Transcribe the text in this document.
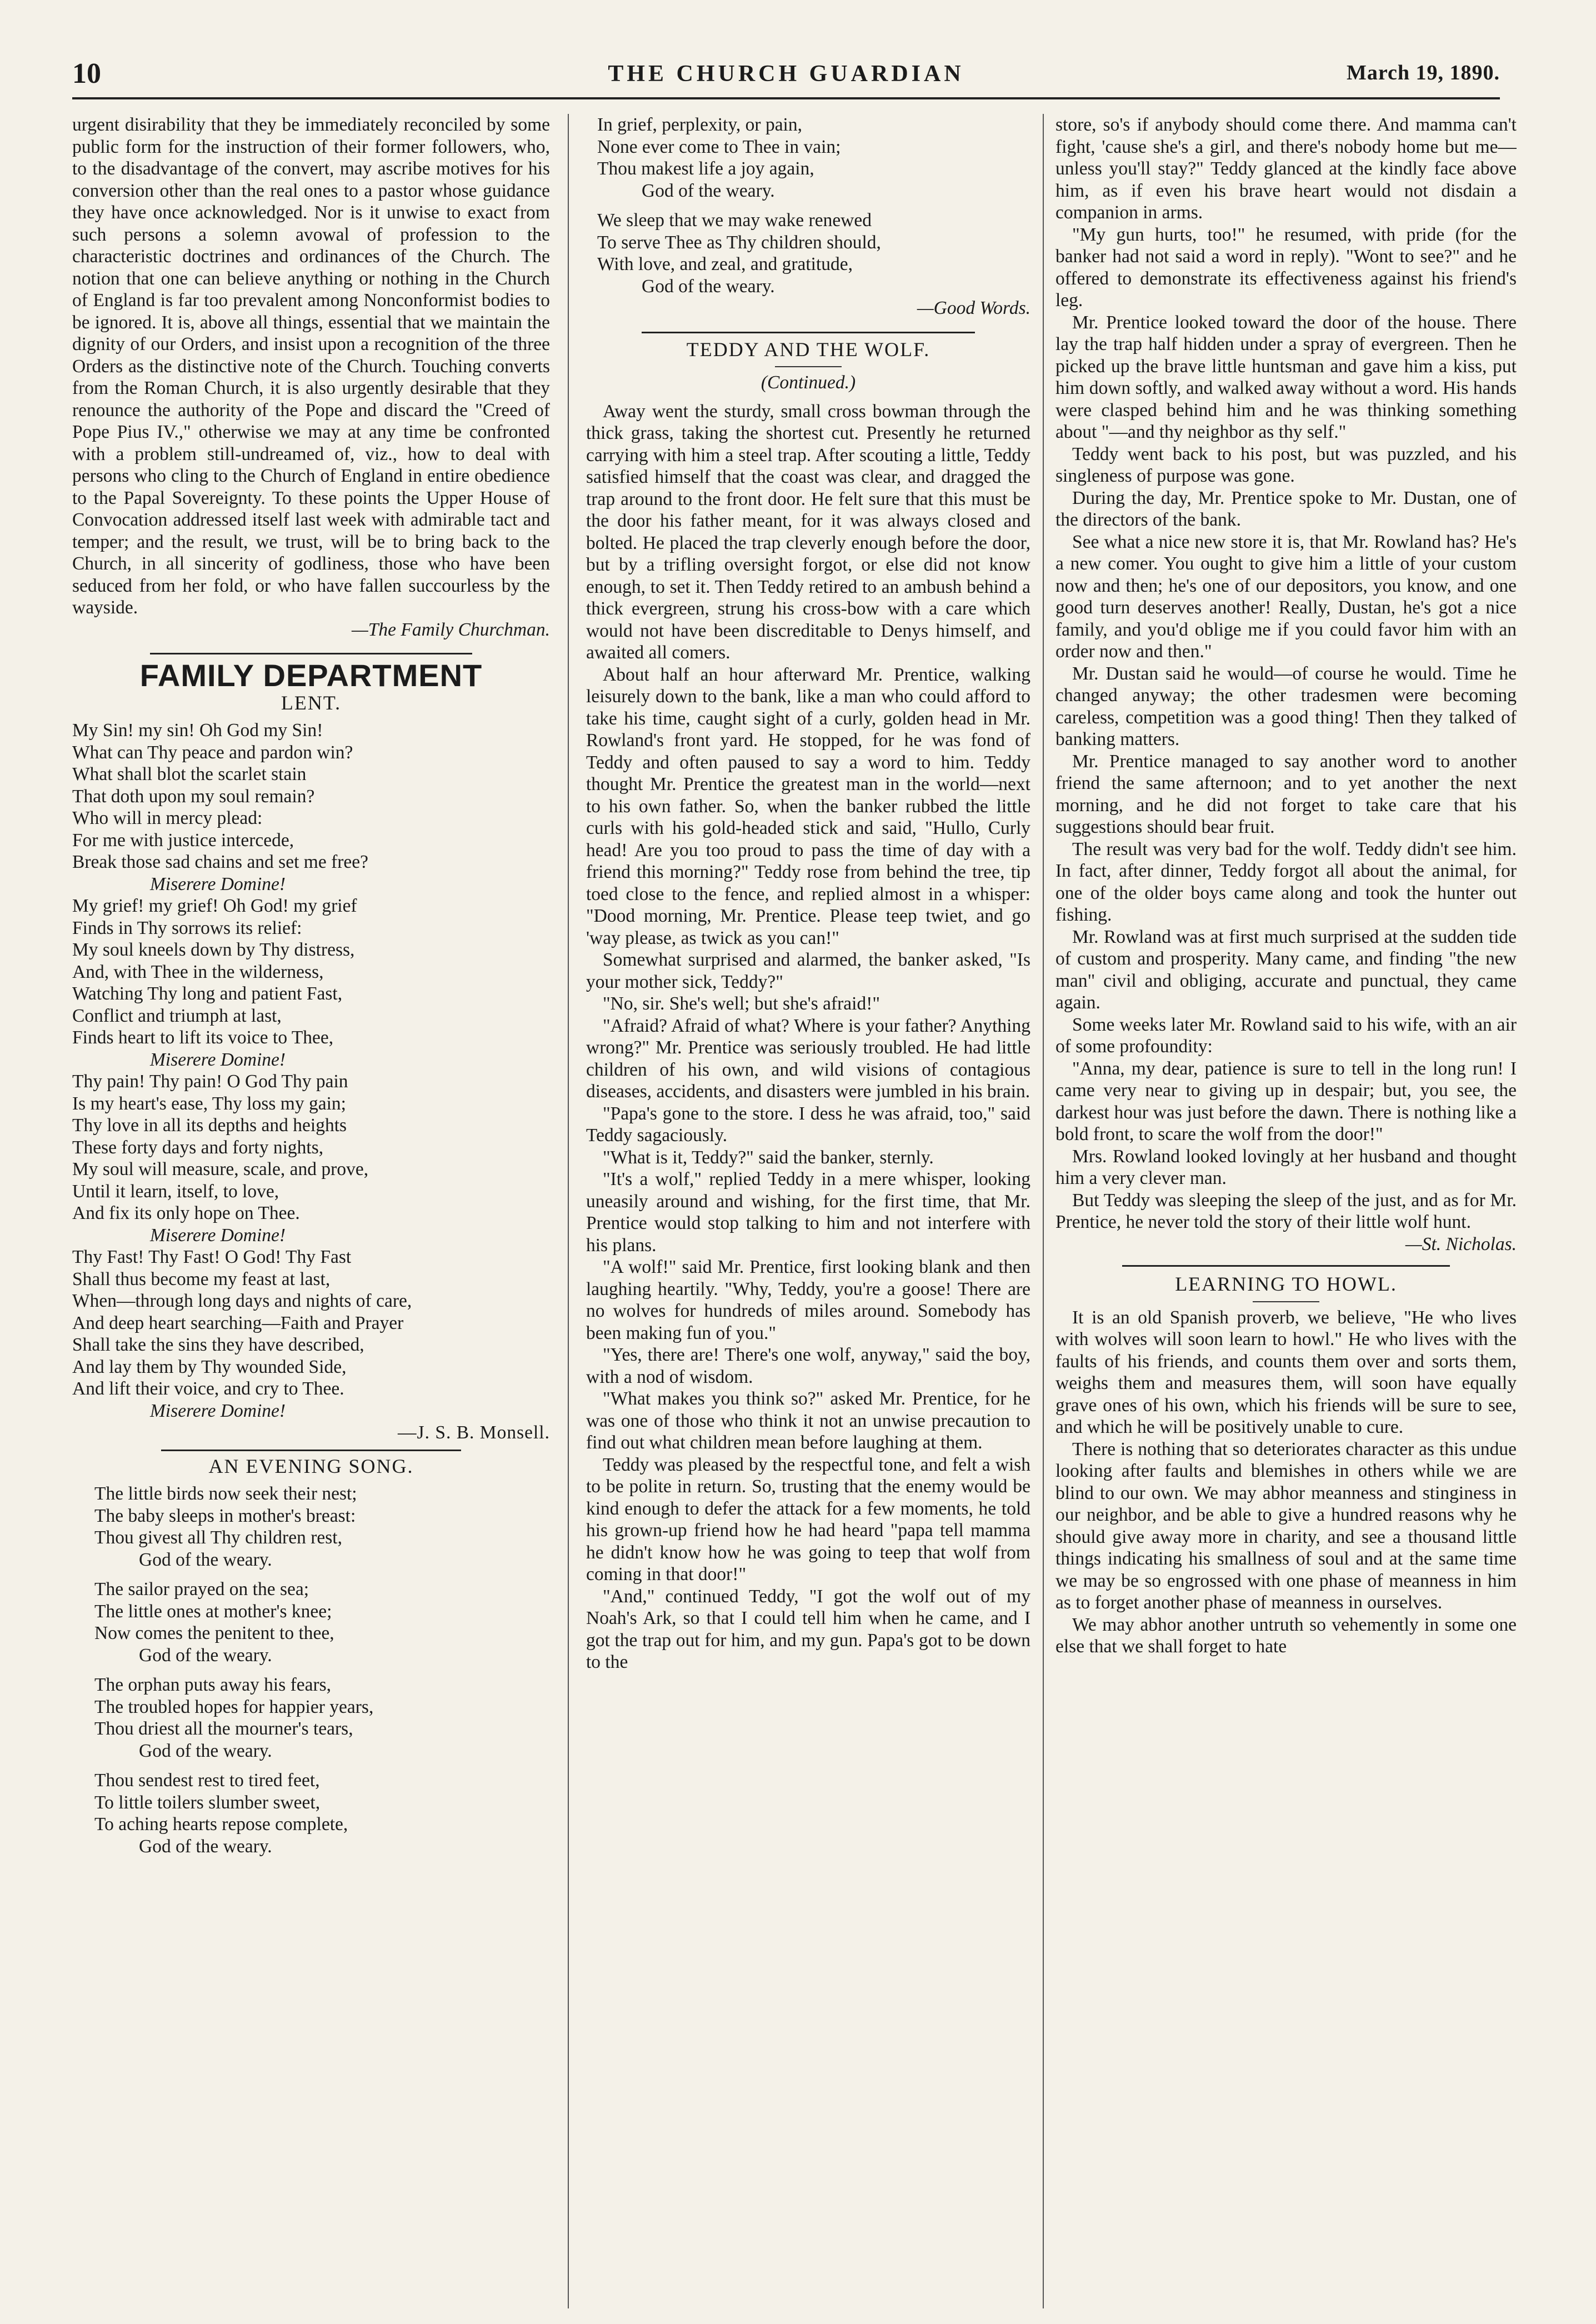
10	THE CHURCH GUARDIAN	March 19, 1890.

urgent disirability that they be immediately reconciled by some public form for the instruction of their former followers, who, to the disadvantage of the convert, may ascribe motives for his conversion other than the real ones to a pastor whose guidance they have once acknowledged. Nor is it unwise to exact from such persons a solemn avowal of profession to the characteristic doctrines and ordinances of the Church. The notion that one can believe anything or nothing in the Church of England is far too prevalent among Nonconformist bodies to be ignored. It is, above all things, essential that we maintain the dignity of our Orders, and insist upon a recognition of the three Orders as the distinctive note of the Church. Touching converts from the Roman Church, it is also urgently desirable that they renounce the authority of the Pope and discard the "Creed of Pope Pius IV.," otherwise we may at any time be confronted with a problem still-undreamed of, viz., how to deal with persons who cling to the Church of England in entire obedience to the Papal Sovereignty. To these points the Upper House of Convocation addressed itself last week with admirable tact and temper; and the result, we trust, will be to bring back to the Church, in all sincerity of godliness, those who have been seduced from her fold, or who have fallen succourless by the wayside.

—The Family Churchman.
FAMILY DEPARTMENT
LENT.
My Sin! my sin! Oh God my Sin!
What can Thy peace and pardon win?
What shall blot the scarlet stain
That doth upon my soul remain?
Who will in mercy plead:
For me with justice intercede,
Break those sad chains and set me free?
Miserere Domine!
My grief! my grief! Oh God! my grief
Finds in Thy sorrows its relief:
My soul kneels down by Thy distress,
And, with Thee in the wilderness,
Watching Thy long and patient Fast,
Conflict and triumph at last,
Finds heart to lift its voice to Thee,
Miserere Domine!
Thy pain! Thy pain! O God Thy pain
Is my heart's ease, Thy loss my gain;
Thy love in all its depths and heights
These forty days and forty nights,
My soul will measure, scale, and prove,
Until it learn, itself, to love,
And fix its only hope on Thee.
Miserere Domine!
Thy Fast! Thy Fast! O God! Thy Fast
Shall thus become my feast at last,
When—through long days and nights of care,
And deep heart searching—Faith and Prayer
Shall take the sins they have described,
And lay them by Thy wounded Side,
And lift their voice, and cry to Thee.
Miserere Domine!
—J. S. B. Monsell.
AN EVENING SONG.
The little birds now seek their nest;
The baby sleeps in mother's breast:
Thou givest all Thy children rest,
God of the weary.
The sailor prayed on the sea;
The little ones at mother's knee;
Now comes the penitent to thee,
God of the weary.
The orphan puts away his fears,
The troubled hopes for happier years,
Thou driest all the mourner's tears,
God of the weary.
Thou sendest rest to tired feet,
To little toilers slumber sweet,
To aching hearts repose complete,
God of the weary.
In grief, perplexity, or pain,
None ever come to Thee in vain;
Thou makest life a joy again,
God of the weary.
We sleep that we may wake renewed
To serve Thee as Thy children should,
With love, and zeal, and gratitude,
God of the weary.
—Good Words.
TEDDY AND THE WOLF.
(Continued.)

Away went the sturdy, small cross bowman through the thick grass, taking the shortest cut. Presently he returned carrying with him a steel trap. After scouting a little, Teddy satisfied himself that the coast was clear, and dragged the trap around to the front door. He felt sure that this must be the door his father meant, for it was always closed and bolted. He placed the trap cleverly enough before the door, but by a trifling oversight forgot, or else did not know enough, to set it. Then Teddy retired to an ambush behind a thick evergreen, strung his cross-bow with a care which would not have been discreditable to Denys himself, and awaited all comers.

About half an hour afterward Mr. Prentice, walking leisurely down to the bank, like a man who could afford to take his time, caught sight of a curly, golden head in Mr. Rowland's front yard. He stopped, for he was fond of Teddy and often paused to say a word to him. Teddy thought Mr. Prentice the greatest man in the world—next to his own father. So, when the banker rubbed the little curls with his gold-headed stick and said, "Hullo, Curly head! Are you too proud to pass the time of day with a friend this morning?" Teddy rose from behind the tree, tip toed close to the fence, and replied almost in a whisper: "Dood morning, Mr. Prentice. Please teep twiet, and go 'way please, as twick as you can!"

Somewhat surprised and alarmed, the banker asked, "Is your mother sick, Teddy?"

"No, sir. She's well; but she's afraid!"

"Afraid? Afraid of what? Where is your father? Anything wrong?" Mr. Prentice was seriously troubled. He had little children of his own, and wild visions of contagious diseases, accidents, and disasters were jumbled in his brain.

"Papa's gone to the store. I dess he was afraid, too," said Teddy sagaciously.

"What is it, Teddy?" said the banker, sternly.

"It's a wolf," replied Teddy in a mere whisper, looking uneasily around and wishing, for the first time, that Mr. Prentice would stop talking to him and not interfere with his plans.

"A wolf!" said Mr. Prentice, first looking blank and then laughing heartily. "Why, Teddy, you're a goose! There are no wolves for hundreds of miles around. Somebody has been making fun of you."

"Yes, there are! There's one wolf, anyway," said the boy, with a nod of wisdom.

"What makes you think so?" asked Mr. Prentice, for he was one of those who think it not an unwise precaution to find out what children mean before laughing at them.

Teddy was pleased by the respectful tone, and felt a wish to be polite in return. So, trusting that the enemy would be kind enough to defer the attack for a few moments, he told his grown-up friend how he had heard "papa tell mamma he didn't know how he was going to teep that wolf from coming in that door!"

"And," continued Teddy, "I got the wolf out of my Noah's Ark, so that I could tell him when he came, and I got the trap out for him, and my gun. Papa's got to be down to the

store, so's if anybody should come there. And mamma can't fight, 'cause she's a girl, and there's nobody home but me—unless you'll stay?" Teddy glanced at the kindly face above him, as if even his brave heart would not disdain a companion in arms.

"My gun hurts, too!" he resumed, with pride (for the banker had not said a word in reply). "Wont to see?" and he offered to demonstrate its effectiveness against his friend's leg.

Mr. Prentice looked toward the door of the house. There lay the trap half hidden under a spray of evergreen. Then he picked up the brave little huntsman and gave him a kiss, put him down softly, and walked away without a word. His hands were clasped behind him and he was thinking something about "—and thy neighbor as thy self."

Teddy went back to his post, but was puzzled, and his singleness of purpose was gone.

During the day, Mr. Prentice spoke to Mr. Dustan, one of the directors of the bank.

See what a nice new store it is, that Mr. Rowland has? He's a new comer. You ought to give him a little of your custom now and then; he's one of our depositors, you know, and one good turn deserves another! Really, Dustan, he's got a nice family, and you'd oblige me if you could favor him with an order now and then."

Mr. Dustan said he would—of course he would. Time he changed anyway; the other tradesmen were becoming careless, competition was a good thing! Then they talked of banking matters.

Mr. Prentice managed to say another word to another friend the same afternoon; and to yet another the next morning, and he did not forget to take care that his suggestions should bear fruit.

The result was very bad for the wolf. Teddy didn't see him. In fact, after dinner, Teddy forgot all about the animal, for one of the older boys came along and took the hunter out fishing.

Mr. Rowland was at first much surprised at the sudden tide of custom and prosperity. Many came, and finding "the new man" civil and obliging, accurate and punctual, they came again.

Some weeks later Mr. Rowland said to his wife, with an air of some profoundity:

"Anna, my dear, patience is sure to tell in the long run! I came very near to giving up in despair; but, you see, the darkest hour was just before the dawn. There is nothing like a bold front, to scare the wolf from the door!"

Mrs. Rowland looked lovingly at her husband and thought him a very clever man.

But Teddy was sleeping the sleep of the just, and as for Mr. Prentice, he never told the story of their little wolf hunt.

—St. Nicholas.
LEARNING TO HOWL.

It is an old Spanish proverb, we believe, "He who lives with wolves will soon learn to howl." He who lives with the faults of his friends, and counts them over and sorts them, weighs them and measures them, will soon have equally grave ones of his own, which his friends will be sure to see, and which he will be positively unable to cure.

There is nothing that so deteriorates character as this undue looking after faults and blemishes in others while we are blind to our own. We may abhor meanness and stinginess in our neighbor, and be able to give a hundred reasons why he should give away more in charity, and see a thousand little things indicating his smallness of soul and at the same time we may be so engrossed with one phase of meanness in him as to forget another phase of meanness in ourselves.

We may abhor another untruth so vehemently in some one else that we shall forget to hate
